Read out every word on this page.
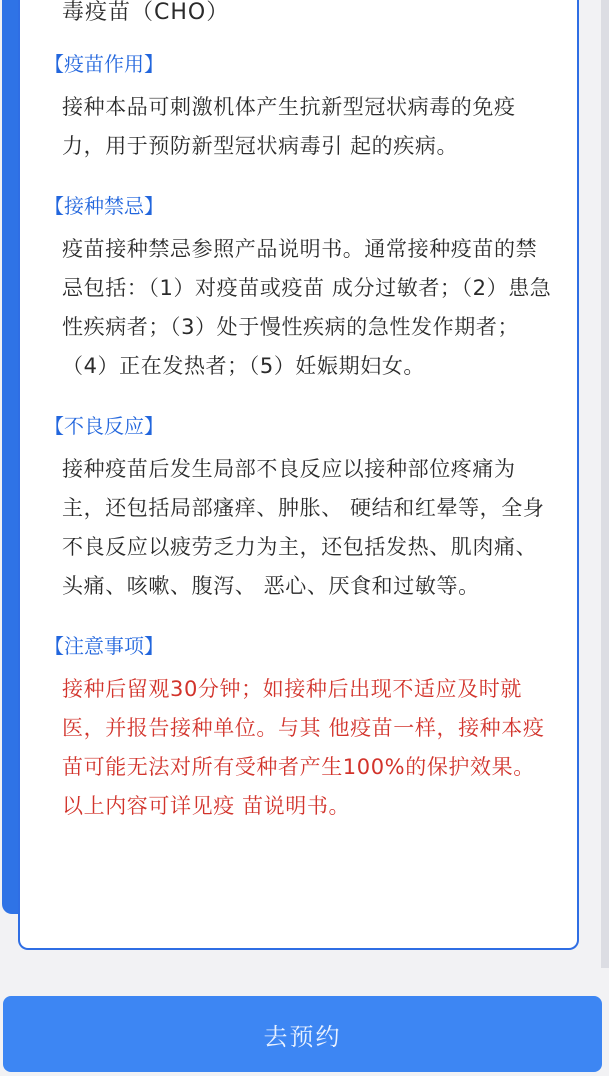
毒疫苗（CHO）

【疫苗作用】

接种本品可刺激机体产生抗新型冠状病毒的免疫力，用于预防新型冠状病毒引 起的疾病。

【接种禁忌】

疫苗接种禁忌参照产品说明书。通常接种疫苗的禁忌包括：（1）对疫苗或疫苗 成分过敏者；（2）患急性疾病者；（3）处于慢性疾病的急性发作期者；（4）正在发热者；（5）妊娠期妇女。

【不良反应】

接种疫苗后发生局部不良反应以接种部位疼痛为主，还包括局部瘙痒、肿胀、 硬结和红晕等，全身不良反应以疲劳乏力为主，还包括发热、肌肉痛、头痛、咳嗽、腹泻、 恶心、厌食和过敏等。

【注意事项】

接种后留观30分钟；如接种后出现不适应及时就医，并报告接种单位。与其 他疫苗一样，接种本疫苗可能无法对所有受种者产生100%的保护效果。以上内容可详见疫 苗说明书。

去预约
